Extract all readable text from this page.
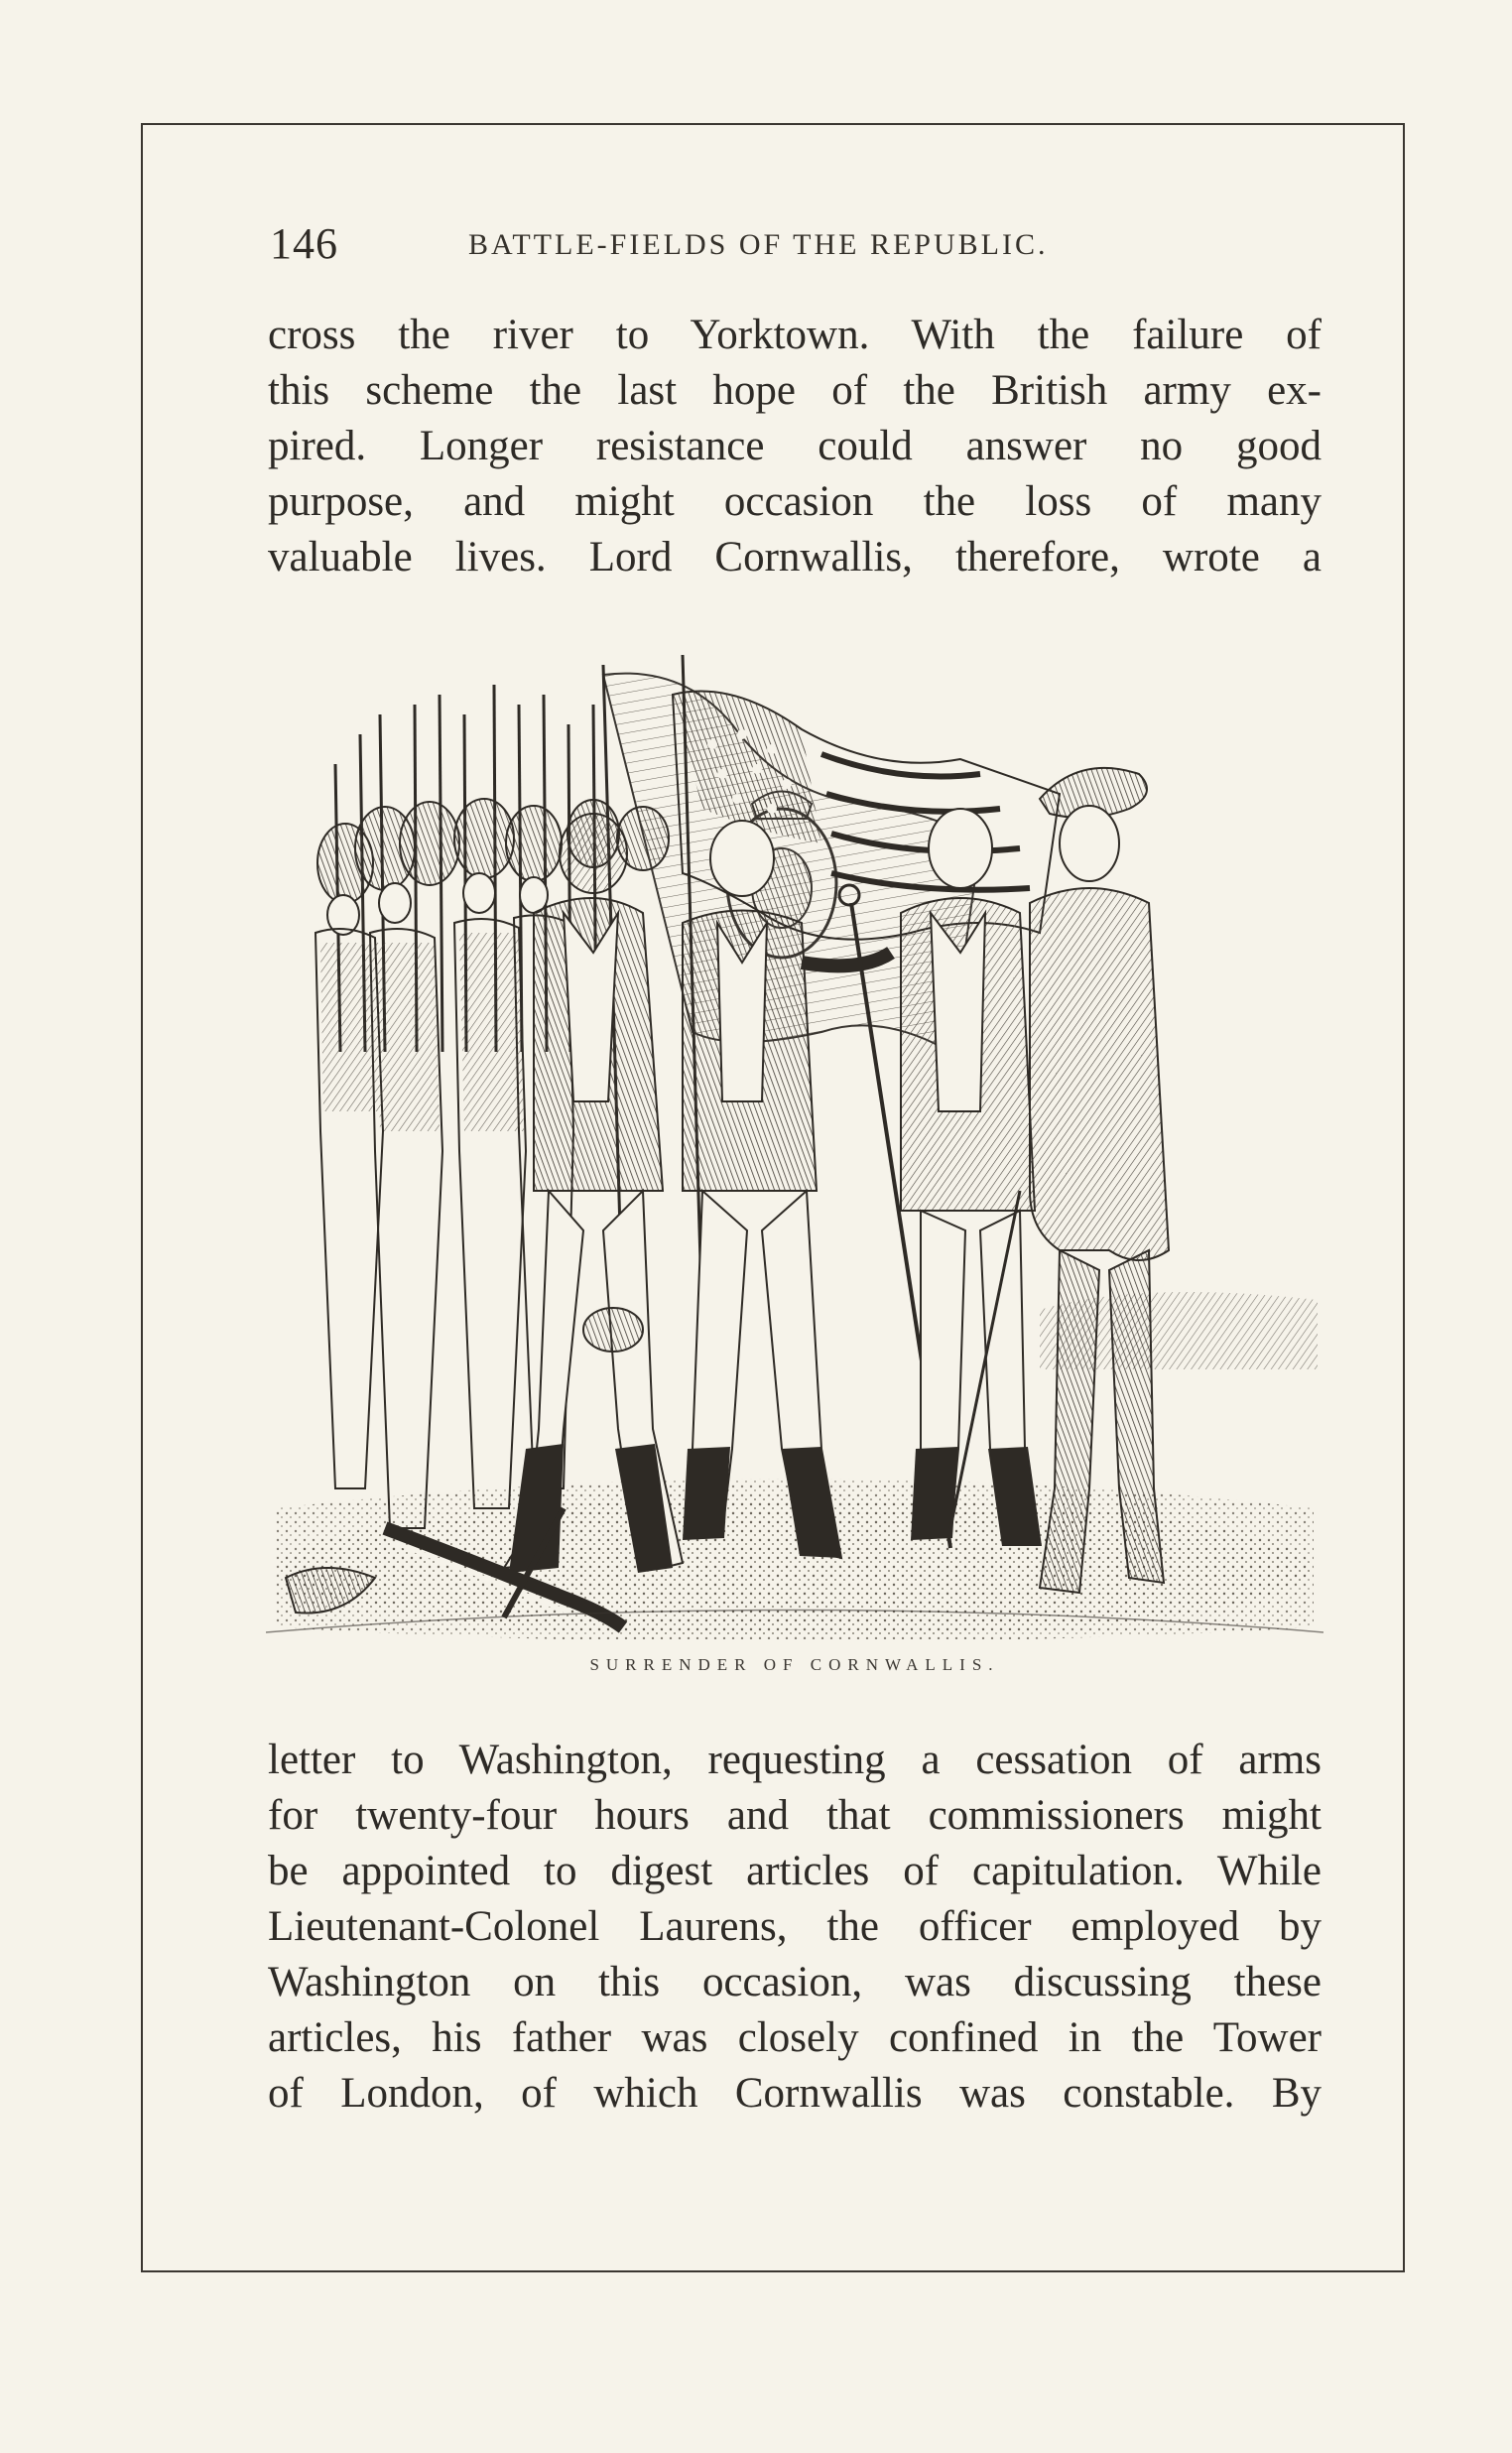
146	BATTLE-FIELDS OF THE REPUBLIC.
cross the river to Yorktown. With the failure of
this scheme the last hope of the British army ex-
pired. Longer resistance could answer no good
purpose, and might occasion the loss of many
valuable lives. Lord Cornwallis, therefore, wrote a
SURRENDER OF CORNWALLIS.
letter to Washington, requesting a cessation of arms
for twenty-four hours and that commissioners might
be appointed to digest articles of capitulation. While
Lieutenant-Colonel Laurens, the officer employed by
Washington on this occasion, was discussing these
articles, his father was closely confined in the Tower
of London, of which Cornwallis was constable. By
